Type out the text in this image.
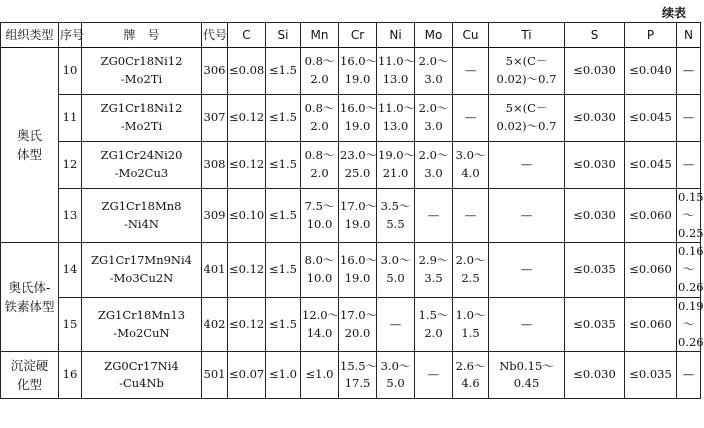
续表
组织类型	序号	牌　号	代号	C	Si	Mn	Cr	Ni	Mo	Cu	Ti	S	P	N

奥氏
体型	10	ZG0Cr18Ni12
-Mo2Ti	306	≤0.08	≤1.5	0.8～
2.0	16.0～
19.0	11.0～
13.0	2.0～
3.0	—	5×(C－
0.02)～0.7	≤0.030	≤0.040	—

	11	ZG1Cr18Ni12
-Mo2Ti	307	≤0.12	≤1.5	0.8～
2.0	16.0～
19.0	11.0～
13.0	2.0～
3.0	—	5×(C－
0.02)～0.7	≤0.030	≤0.045	—

	12	ZG1Cr24Ni20
-Mo2Cu3	308	≤0.12	≤1.5	0.8～
2.0	23.0～
25.0	19.0～
21.0	2.0～
3.0	3.0～
4.0	—	≤0.030	≤0.045	—

	13	ZG1Cr18Mn8
-Ni4N	309	≤0.10	≤1.5	7.5～
10.0	17.0～
19.0	3.5～
5.5	—	—	—	≤0.030	≤0.060	0.15
～
0.25

奥氏体-
铁素体型	14	ZG1Cr17Mn9Ni4
-Mo3Cu2N	401	≤0.12	≤1.5	8.0～
10.0	16.0～
19.0	3.0～
5.0	2.9～
3.5	2.0～
2.5	—	≤0.035	≤0.060	0.16
～
0.26

	15	ZG1Cr18Mn13
-Mo2CuN	402	≤0.12	≤1.5	12.0～
14.0	17.0～
20.0	—	1.5～
2.0	1.0～
1.5	—	≤0.035	≤0.060	0.19
～
0.26

沉淀硬
化型	16	ZG0Cr17Ni4
-Cu4Nb	501	≤0.07	≤1.0	≤1.0	15.5～
17.5	3.0～
5.0	—	2.6～
4.6	Nb0.15～
0.45	≤0.030	≤0.035	—
